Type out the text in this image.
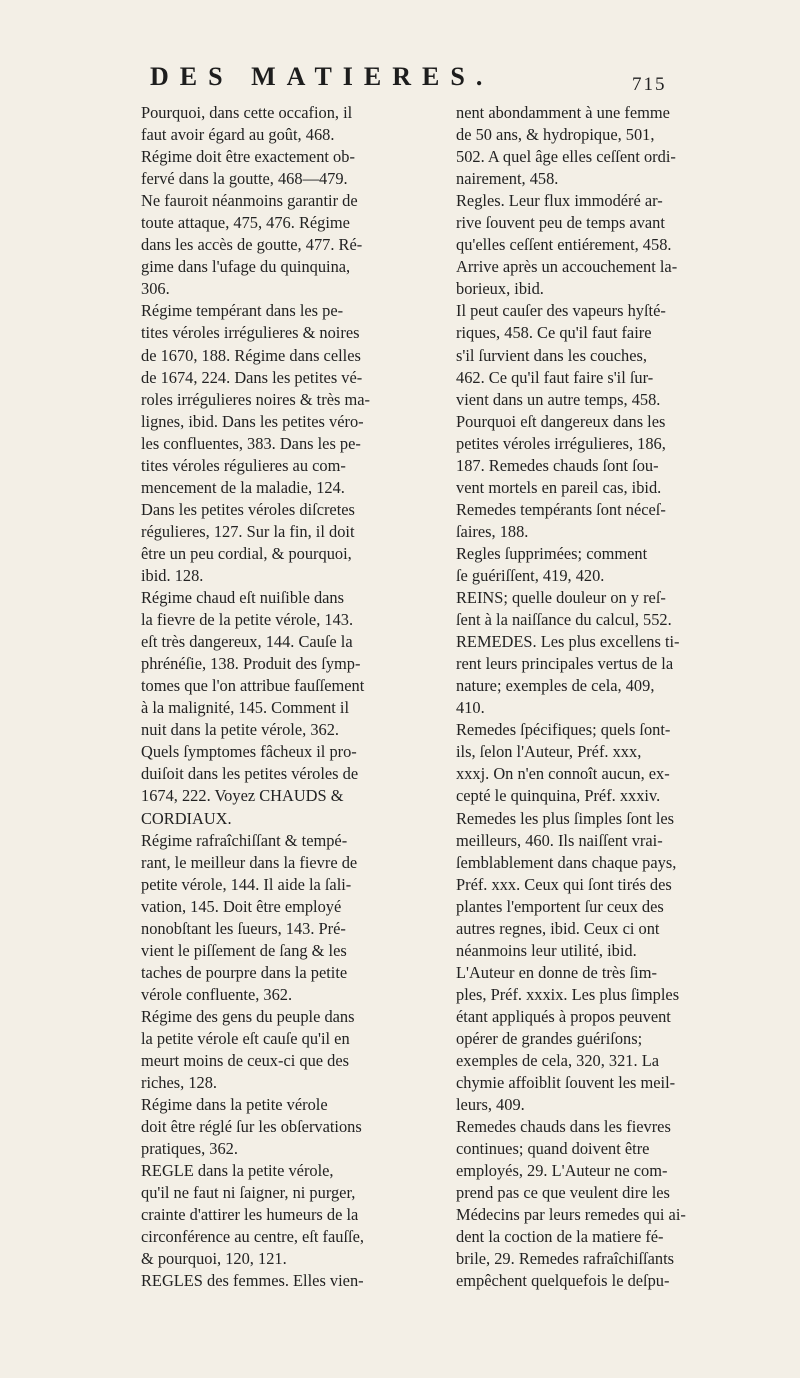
DES MATIERES.	715
Pourquoi, dans cette occafion, il
faut avoir égard au goût, 468.
Régime doit être exactement ob-
fervé dans la goutte, 468—479.
Ne fauroit néanmoins garantir de
toute attaque, 475, 476. Régime
dans les accès de goutte, 477. Ré-
gime dans l'ufage du quinquina,
306.
Régime tempérant dans les pe-
tites véroles irrégulieres & noires
de 1670, 188. Régime dans celles
de 1674, 224. Dans les petites vé-
roles irrégulieres noires & très ma-
lignes, ibid. Dans les petites véro-
les confluentes, 383. Dans les pe-
tites véroles régulieres au com-
mencement de la maladie, 124.
Dans les petites véroles diſcretes
régulieres, 127. Sur la fin, il doit
être un peu cordial, & pourquoi,
ibid. 128.
Régime chaud eſt nuiſible dans
la fievre de la petite vérole, 143.
eſt très dangereux, 144. Cauſe la
phrénéſie, 138. Produit des ſymp-
tomes que l'on attribue fauſſement
à la malignité, 145. Comment il
nuit dans la petite vérole, 362.
Quels ſymptomes fâcheux il pro-
duiſoit dans les petites véroles de
1674, 222. Voyez CHAUDS &
CORDIAUX.
Régime rafraîchiſſant & tempé-
rant, le meilleur dans la fievre de
petite vérole, 144. Il aide la ſali-
vation, 145. Doit être employé
nonobſtant les ſueurs, 143. Pré-
vient le piſſement de ſang & les
taches de pourpre dans la petite
vérole confluente, 362.
Régime des gens du peuple dans
la petite vérole eſt cauſe qu'il en
meurt moins de ceux-ci que des
riches, 128.
Régime dans la petite vérole
doit être réglé ſur les obſervations
pratiques, 362.
REGLE dans la petite vérole,
qu'il ne faut ni ſaigner, ni purger,
crainte d'attirer les humeurs de la
circonférence au centre, eſt fauſſe,
& pourquoi, 120, 121.
REGLES des femmes. Elles vien-
nent abondamment à une femme
de 50 ans, & hydropique, 501,
502. A quel âge elles ceſſent ordi-
nairement, 458.
Regles. Leur flux immodéré ar-
rive ſouvent peu de temps avant
qu'elles ceſſent entiérement, 458.
Arrive après un accouchement la-
borieux, ibid.
Il peut cauſer des vapeurs hyſté-
riques, 458. Ce qu'il faut faire
s'il ſurvient dans les couches,
462. Ce qu'il faut faire s'il ſur-
vient dans un autre temps, 458.
Pourquoi eſt dangereux dans les
petites véroles irrégulieres, 186,
187. Remedes chauds ſont ſou-
vent mortels en pareil cas, ibid.
Remedes tempérants ſont néceſ-
ſaires, 188.
Regles ſupprimées; comment
ſe guériſſent, 419, 420.
REINS; quelle douleur on y reſ-
ſent à la naiſſance du calcul, 552.
REMEDES. Les plus excellens ti-
rent leurs principales vertus de la
nature; exemples de cela, 409,
410.
Remedes ſpécifiques; quels ſont-
ils, ſelon l'Auteur, Préf. xxx,
xxxj. On n'en connoît aucun, ex-
cepté le quinquina, Préf. xxxiv.
Remedes les plus ſimples ſont les
meilleurs, 460. Ils naiſſent vrai-
ſemblablement dans chaque pays,
Préf. xxx. Ceux qui ſont tirés des
plantes l'emportent ſur ceux des
autres regnes, ibid. Ceux ci ont
néanmoins leur utilité, ibid.
L'Auteur en donne de très ſim-
ples, Préf. xxxix. Les plus ſimples
étant appliqués à propos peuvent
opérer de grandes guériſons;
exemples de cela, 320, 321. La
chymie affoiblit ſouvent les meil-
leurs, 409.
Remedes chauds dans les fievres
continues; quand doivent être
employés, 29. L'Auteur ne com-
prend pas ce que veulent dire les
Médecins par leurs remedes qui ai-
dent la coction de la matiere fé-
brile, 29. Remedes rafraîchiſſants
empêchent quelquefois le deſpu-
